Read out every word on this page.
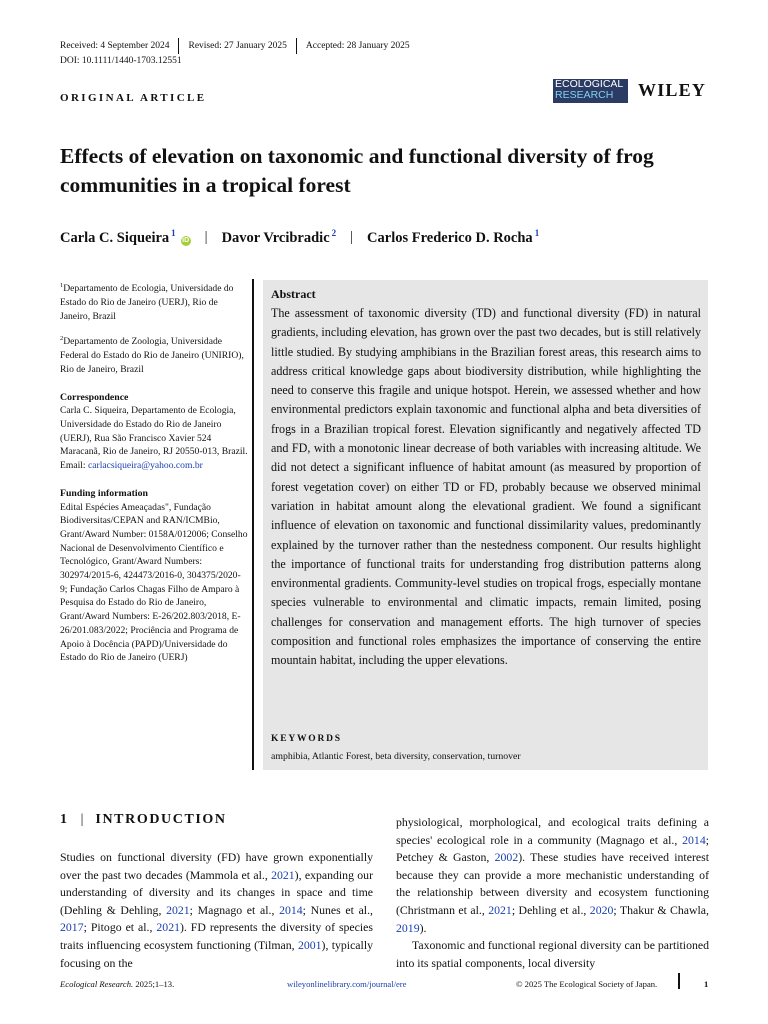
Received: 4 September 2024 Revised: 27 January 2025 Accepted: 28 January 2025
DOI: 10.1111/1440-1703.12551
ORIGINAL ARTICLE
ECOLOGICAL
RESEARCH	WILEY
Effects of elevation on taxonomic and functional diversity of frog communities in a tropical forest
Carla C. Siqueira $^1$iD | Davor Vrcibradic $^2$ | Carlos Frederico D. Rocha $^1$

$^1$Departamento de Ecologia, Universidade do Estado do Rio de Janeiro (UERJ), Rio de Janeiro, Brazil

$^2$Departamento de Zoologia, Universidade Federal do Estado do Rio de Janeiro (UNIRIO), Rio de Janeiro, Brazil

Correspondence

Carla C. Siqueira, Departamento de Ecologia, Universidade do Estado do Rio de Janeiro (UERJ), Rua São Francisco Xavier 524 Maracanã, Rio de Janeiro, RJ 20550-013, Brazil.
Email: carlacsiqueira@yahoo.com.br

Funding information

Edital Espécies Ameaçadas", Fundação Biodiversitas/CEPAN and RAN/ICMBio, Grant/Award Number: 0158A/012006; Conselho Nacional de Desenvolvimento Científico e Tecnológico, Grant/Award Numbers: 302974/2015-6, 424473/2016-0, 304375/2020-9; Fundação Carlos Chagas Filho de Amparo à Pesquisa do Estado do Rio de Janeiro, Grant/Award Numbers: E-26/202.803/2018, E-26/201.083/2022; Prociência and Programa de Apoio à Docência (PAPD)/Universidade do Estado do Rio de Janeiro (UERJ)

Abstract
The assessment of taxonomic diversity (TD) and functional diversity (FD) in natural gradients, including elevation, has grown over the past two decades, but is still relatively little studied. By studying amphibians in the Brazilian forest areas, this research aims to address critical knowledge gaps about biodiversity distribution, while highlighting the need to conserve this fragile and unique hotspot. Herein, we assessed whether and how environmental predictors explain taxonomic and functional alpha and beta diversities of frogs in a Brazilian tropical forest. Elevation significantly and negatively affected TD and FD, with a monotonic linear decrease of both variables with increasing altitude. We did not detect a significant influence of habitat amount (as measured by proportion of forest vegetation cover) on either TD or FD, probably because we observed minimal variation in habitat amount along the elevational gradient. We found a significant influence of elevation on taxonomic and functional dissimilarity values, predominantly explained by the turnover rather than the nestedness component. Our results highlight the importance of functional traits for understanding frog distribution patterns along environmental gradients. Community-level studies on tropical frogs, especially montane species vulnerable to environmental and climatic impacts, remain limited, posing challenges for conservation and management efforts. The high turnover of species composition and functional roles emphasizes the importance of conserving the entire mountain habitat, including the upper elevations.
KEYWORDS
amphibia, Atlantic Forest, beta diversity, conservation, turnover
1 | INTRODUCTION

Studies on functional diversity (FD) have grown exponentially over the past two decades (Mammola et al., 2021), expanding our understanding of diversity and its changes in space and time (Dehling & Dehling, 2021; Magnago et al., 2014; Nunes et al., 2017; Pitogo et al., 2021). FD represents the diversity of species traits influencing ecosystem functioning (Tilman, 2001), typically focusing on the

physiological, morphological, and ecological traits defining a species' ecological role in a community (Magnago et al., 2014; Petchey & Gaston, 2002). These studies have received interest because they can provide a more mechanistic understanding of the relationship between diversity and ecosystem functioning (Christmann et al., 2021; Dehling et al., 2020; Thakur & Chawla, 2019).

Taxonomic and functional regional diversity can be partitioned into its spatial components, local diversity

Ecological Research. 2025;1–13.	wileyonlinelibrary.com/journal/ere	© 2025 The Ecological Society of Japan.	1
